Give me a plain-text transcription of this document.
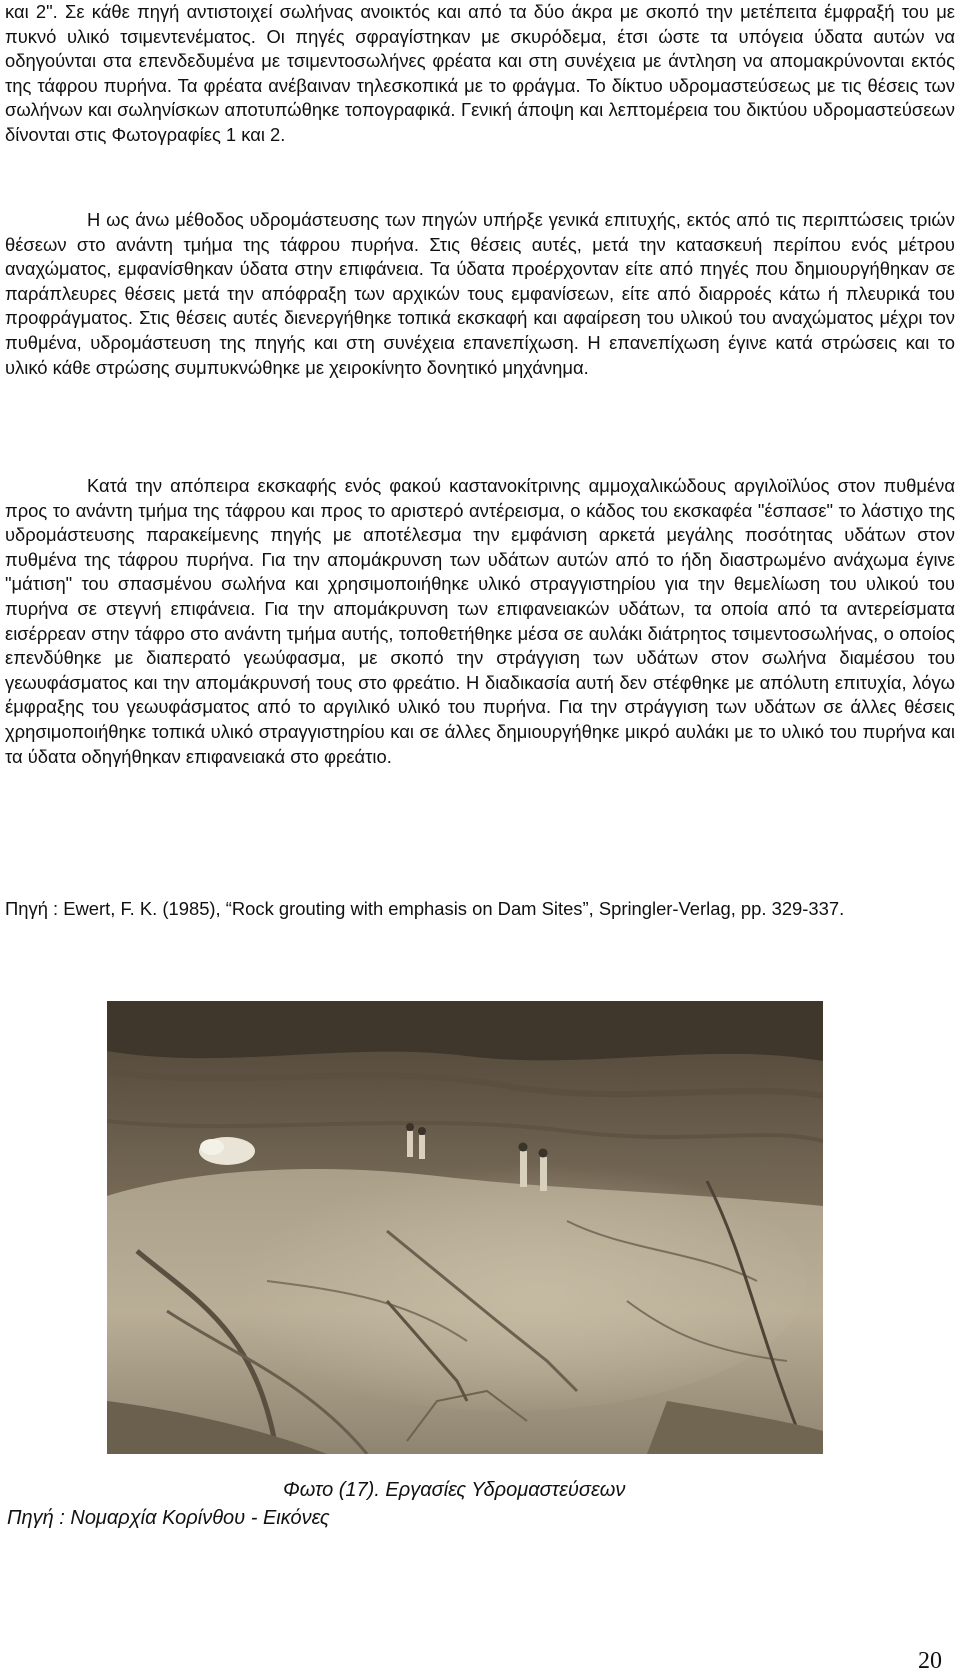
και 2". Σε κάθε πηγή αντιστοιχεί σωλήνας ανοικτός και από τα δύο άκρα με σκοπό την μετέπειτα έμφραξή του με πυκνό υλικό τσιμεντενέματος. Οι πηγές σφραγίστηκαν με σκυρόδεμα, έτσι ώστε τα υπόγεια ύδατα αυτών να οδηγούνται στα επενδεδυμένα με τσιμεντοσωλήνες φρέατα και στη συνέχεια με άντληση να απομακρύνονται εκτός της τάφρου πυρήνα. Τα φρέατα ανέβαιναν τηλεσκοπικά με το φράγμα. Το δίκτυο υδρομαστεύσεως με τις θέσεις των σωλήνων και σωληνίσκων αποτυπώθηκε τοπογραφικά. Γενική άποψη και λεπτομέρεια του δικτύου υδρομαστεύσεων δίνονται στις Φωτογραφίες 1 και 2.

Η ως άνω μέθοδος υδρομάστευσης των πηγών υπήρξε γενικά επιτυχής, εκτός από τις περιπτώσεις τριών θέσεων στο ανάντη τμήμα της τάφρου πυρήνα. Στις θέσεις αυτές, μετά την κατασκευή περίπου ενός μέτρου αναχώματος, εμφανίσθηκαν ύδατα στην επιφάνεια. Τα ύδατα προέρχονταν είτε από πηγές που δημιουργήθηκαν σε παράπλευρες θέσεις μετά την απόφραξη των αρχικών τους εμφανίσεων, είτε από διαρροές κάτω ή πλευρικά του προφράγματος. Στις θέσεις αυτές διενεργήθηκε τοπικά εκσκαφή και αφαίρεση του υλικού του αναχώματος μέχρι τον πυθμένα, υδρομάστευση της πηγής και στη συνέχεια επανεπίχωση. Η επανεπίχωση έγινε κατά στρώσεις και το υλικό κάθε στρώσης συμπυκνώθηκε με χειροκίνητο δονητικό μηχάνημα.

Κατά την απόπειρα εκσκαφής ενός φακού καστανοκίτρινης αμμοχαλικώδους αργιλοϊλύος στον πυθμένα προς το ανάντη τμήμα της τάφρου και προς το αριστερό αντέρεισμα, ο κάδος του εκσκαφέα "έσπασε" το λάστιχο της υδρομάστευσης παρακείμενης πηγής με αποτέλεσμα την εμφάνιση αρκετά μεγάλης ποσότητας υδάτων στον πυθμένα της τάφρου πυρήνα. Για την απομάκρυνση των υδάτων αυτών από το ήδη διαστρωμένο ανάχωμα έγινε "μάτιση" του σπασμένου σωλήνα και χρησιμοποιήθηκε υλικό στραγγιστηρίου για την θεμελίωση του υλικού του πυρήνα σε στεγνή επιφάνεια. Για την απομάκρυνση των επιφανειακών υδάτων, τα οποία από τα αντερείσματα εισέρρεαν στην τάφρο στο ανάντη τμήμα αυτής, τοποθετήθηκε μέσα σε αυλάκι διάτρητος τσιμεντοσωλήνας, ο οποίος επενδύθηκε με διαπερατό γεωύφασμα, με σκοπό την στράγγιση των υδάτων στον σωλήνα διαμέσου του γεωυφάσματος και την απομάκρυνσή τους στο φρεάτιο. Η διαδικασία αυτή δεν στέφθηκε με απόλυτη επιτυχία, λόγω έμφραξης του γεωυφάσματος από το αργιλικό υλικό του πυρήνα. Για την στράγγιση των υδάτων σε άλλες θέσεις χρησιμοποιήθηκε τοπικά υλικό στραγγιστηρίου και σε άλλες δημιουργήθηκε μικρό αυλάκι με το υλικό του πυρήνα και τα ύδατα οδηγήθηκαν επιφανειακά στο φρεάτιο.

Πηγή : Ewert, F. K. (1985), “Rock grouting with emphasis on Dam Sites”, Springler-Verlag, pp. 329-337.

Φωτο (17). Εργασίες Υδρομαστεύσεων

Πηγή : Νομαρχία Κορίνθου - Εικόνες

20
